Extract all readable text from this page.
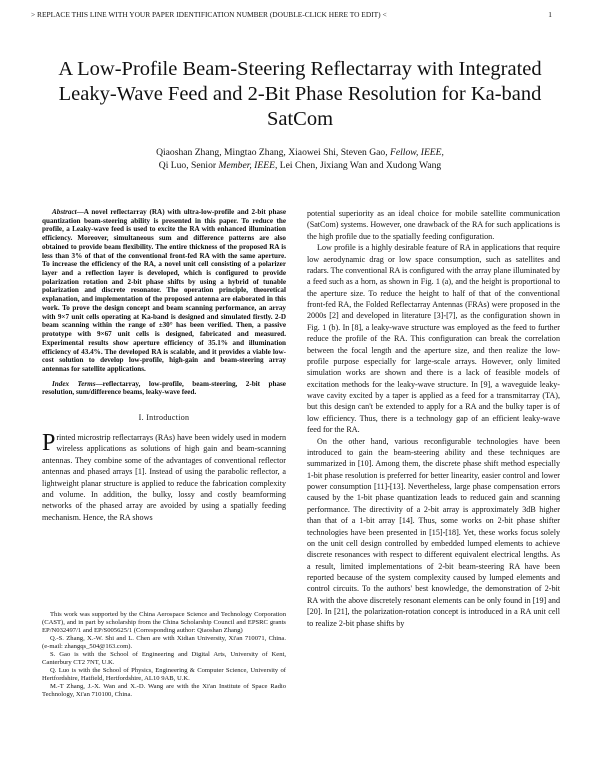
> REPLACE THIS LINE WITH YOUR PAPER IDENTIFICATION NUMBER (DOUBLE-CLICK HERE TO EDIT) <	1
A Low-Profile Beam-Steering Reflectarray with Integrated Leaky-Wave Feed and 2-Bit Phase Resolution for Ka-band SatCom
Qiaoshan Zhang, Mingtao Zhang, Xiaowei Shi, Steven Gao, Fellow, IEEE,
Qi Luo, Senior Member, IEEE, Lei Chen, Jixiang Wan and Xudong Wang

Abstract—A novel reflectarray (RA) with ultra-low-profile and 2-bit phase quantization beam-steering ability is presented in this paper. To reduce the profile, a Leaky-wave feed is used to excite the RA with enhanced illumination efficiency. Moreover, simultaneous sum and difference patterns are also obtained to provide beam flexibility. The entire thickness of the proposed RA is less than 3% of that of the conventional front-fed RA with the same aperture. To increase the efficiency of the RA, a novel unit cell consisting of a polarizer layer and a reflection layer is developed, which is configured to provide polarization rotation and 2-bit phase shifts by using a hybrid of tunable polarization and discrete resonator. The operation principle, theoretical explanation, and implementation of the proposed antenna are elaborated in this work. To prove the design concept and beam scanning performance, an array with 9×7 unit cells operating at Ka-band is designed and simulated firstly. 2-D beam scanning within the range of ±30° has been verified. Then, a passive prototype with 9×67 unit cells is designed, fabricated and measured. Experimental results show aperture efficiency of 35.1% and illumination efficiency of 43.4%. The developed RA is scalable, and it provides a viable low-cost solution to develop low-profile, high-gain and beam-steering array antennas for satellite applications.

Index Terms—reflectarray, low-profile, beam-steering, 2-bit phase resolution, sum/difference beams, leaky-wave feed.

I. Introduction

Printed microstrip reflectarrays (RAs) have been widely used in modern wireless applications as solutions of high gain and beam-scanning antennas. They combine some of the advantages of conventional reflector antennas and phased arrays [1]. Instead of using the parabolic reflector, a lightweight planar structure is applied to reduce the fabrication complexity and volume. In addition, the bulky, lossy and costly beamforming networks of the phased array are avoided by using a spatially feeding mechanism. Hence, the RA shows

This work was supported by the China Aerospace Science and Technology Corporation (CAST), and in part by scholarship from the China Scholarship Council and EPSRC grants EP/N032497/1 and EP/S005625/1 (Corresponding author: Qiaoshan Zhang)

Q.-S. Zhang, X.-W. Shi and L. Chen are with Xidian University, Xi'an 710071, China. (e-mail: zhangqs_504@163.com).

S. Gao is with the School of Engineering and Digital Arts, University of Kent, Canterbury CT2 7NT, U.K.

Q. Luo is with the School of Physics, Engineering & Computer Science, University of Hertfordshire, Hatfield, Hertfordshire, AL10 9AB, U.K.

M.-T Zhang, J.-X. Wan and X.-D. Wang are with the Xi'an Institute of Space Radio Technology, Xi'an 710100, China.

potential superiority as an ideal choice for mobile satellite communication (SatCom) systems. However, one drawback of the RA for such applications is the high profile due to the spatially feeding configuration.

Low profile is a highly desirable feature of RA in applications that require low aerodynamic drag or low space consumption, such as satellites and radars. The conventional RA is configured with the array plane illuminated by a feed such as a horn, as shown in Fig. 1 (a), and the height is proportional to the aperture size. To reduce the height to half of that of the conventional front-fed RA, the Folded Reflectarray Antennas (FRAs) were proposed in the 2000s [2] and developed in literature [3]-[7], as the configuration shown in Fig. 1 (b). In [8], a leaky-wave structure was employed as the feed to further reduce the profile of the RA. This configuration can break the correlation between the focal length and the aperture size, and then realize the low-profile purpose especially for large-scale arrays. However, only limited simulation works are shown and there is a lack of feasible models of excitation methods for the leaky-wave structure. In [9], a waveguide leaky-wave cavity excited by a taper is applied as a feed for a transmitarray (TA), but this design can't be extended to apply for a RA and the bulky taper is of low efficiency. Thus, there is a technology gap of an efficient leaky-wave feed for the RA.

On the other hand, various reconfigurable technologies have been introduced to gain the beam-steering ability and these techniques are summarized in [10]. Among them, the discrete phase shift method especially 1-bit phase resolution is preferred for better linearity, easier control and lower power consumption [11]-[13]. Nevertheless, large phase compensation errors caused by the 1-bit phase quantization leads to reduced gain and scanning performance. The directivity of a 2-bit array is approximately 3dB higher than that of a 1-bit array [14]. Thus, some works on 2-bit phase shifter technologies have been presented in [15]-[18]. Yet, these works focus solely on the unit cell design controlled by embedded lumped elements to achieve discrete resonances with respect to different equivalent electrical lengths. As a result, limited implementations of 2-bit beam-steering RA have been reported because of the system complexity caused by lumped elements and control circuits. To the authors' best knowledge, the demonstration of 2-bit RA with the above discretely resonant elements can be only found in [19] and [20]. In [21], the polarization-rotation concept is introduced in a RA unit cell to realize 2-bit phase shifts by
